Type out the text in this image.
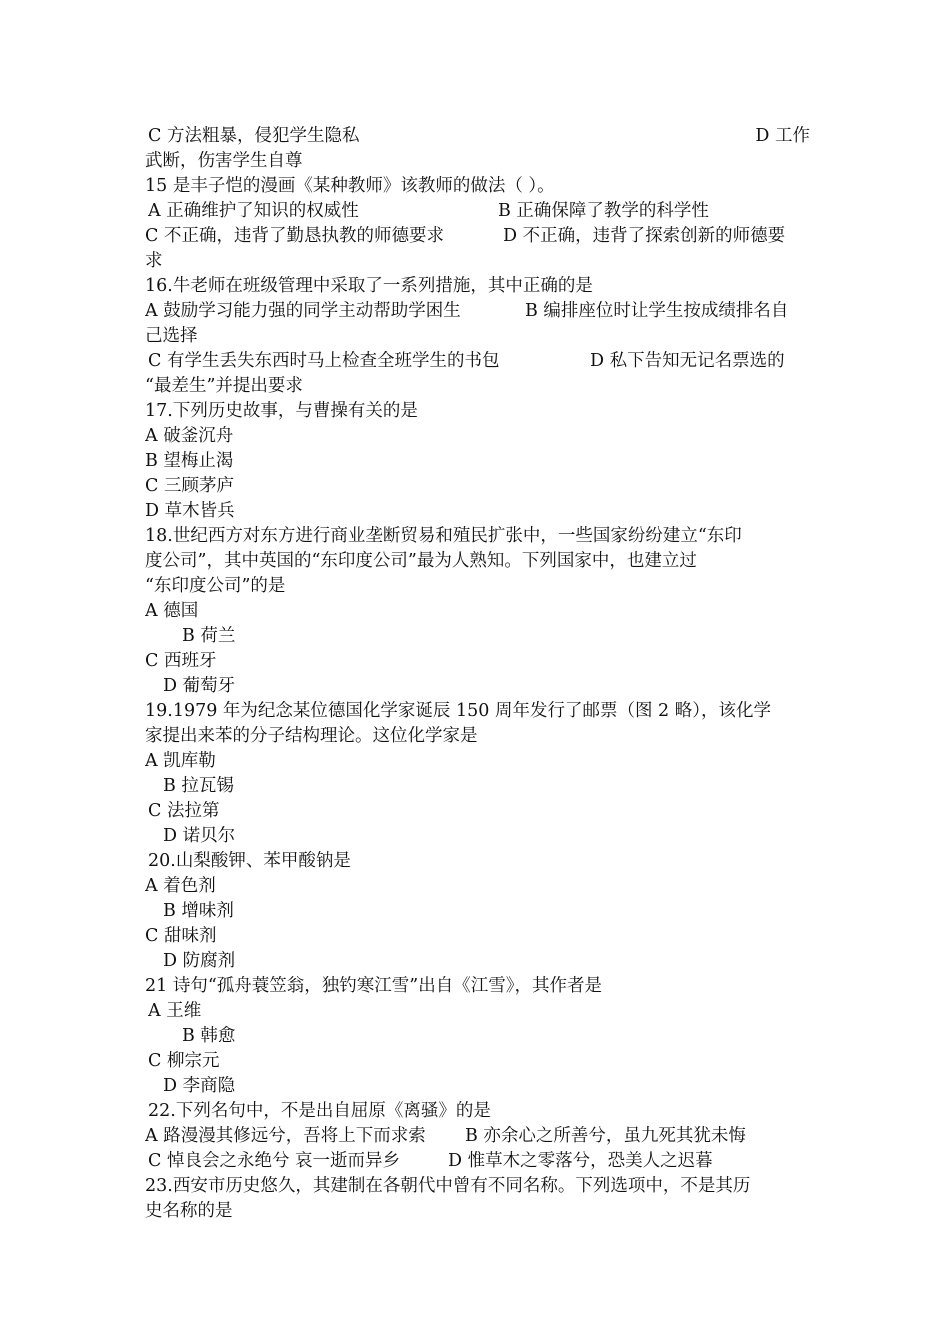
C 方法粗暴，侵犯学生隐私	D 工作
武断，伤害学生自尊
15 是丰子恺的漫画《某种教师》该教师的做法（ ）。
A 正确维护了知识的权威性	B 正确保障了教学的科学性
C 不正确，违背了勤恳执教的师德要求	D 不正确，违背了探索创新的师德要
求
16.牛老师在班级管理中采取了一系列措施，其中正确的是
A 鼓励学习能力强的同学主动帮助学困生	B 编排座位时让学生按成绩排名自
己选择
C 有学生丢失东西时马上检查全班学生的书包	D 私下告知无记名票选的
“最差生”并提出要求
17.下列历史故事，与曹操有关的是
A 破釜沉舟
B 望梅止渴
C 三顾茅庐
D 草木皆兵
18.世纪西方对东方进行商业垄断贸易和殖民扩张中，一些国家纷纷建立“东印
度公司”，其中英国的“东印度公司”最为人熟知。下列国家中，也建立过
“东印度公司”的是
A 德国
B 荷兰
C 西班牙
D 葡萄牙
19.1979 年为纪念某位德国化学家诞辰 150 周年发行了邮票（图 2 略），该化学
家提出来苯的分子结构理论。这位化学家是
A 凯库勒
B 拉瓦锡
C 法拉第
D 诺贝尔
20.山梨酸钾、苯甲酸钠是
A 着色剂
B 增味剂
C 甜味剂
D 防腐剂
21 诗句“孤舟蓑笠翁，独钓寒江雪”出自《江雪》，其作者是
A 王维
B 韩愈
C 柳宗元
D 李商隐
22.下列名句中，不是出自屈原《离骚》的是
A 路漫漫其修远兮，吾将上下而求索 B 亦余心之所善兮，虽九死其犹未悔
C 悼良会之永绝兮 哀一逝而异乡	D 惟草木之零落兮，恐美人之迟暮
23.西安市历史悠久，其建制在各朝代中曾有不同名称。下列选项中，不是其历
史名称的是
